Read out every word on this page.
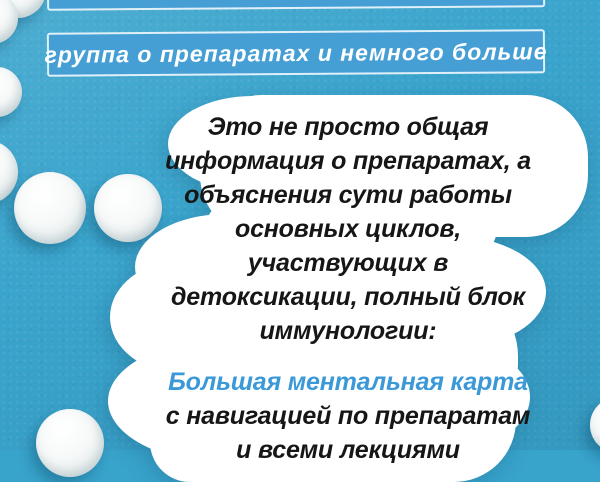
группа о препаратах и немного больше
Это не просто общая
информация о препаратах, а
объяснения сути работы
основных циклов,
участвующих в
детоксикации, полный блок
иммунологии:
Большая ментальная карта
с навигацией по препаратам
и всеми лекциями
